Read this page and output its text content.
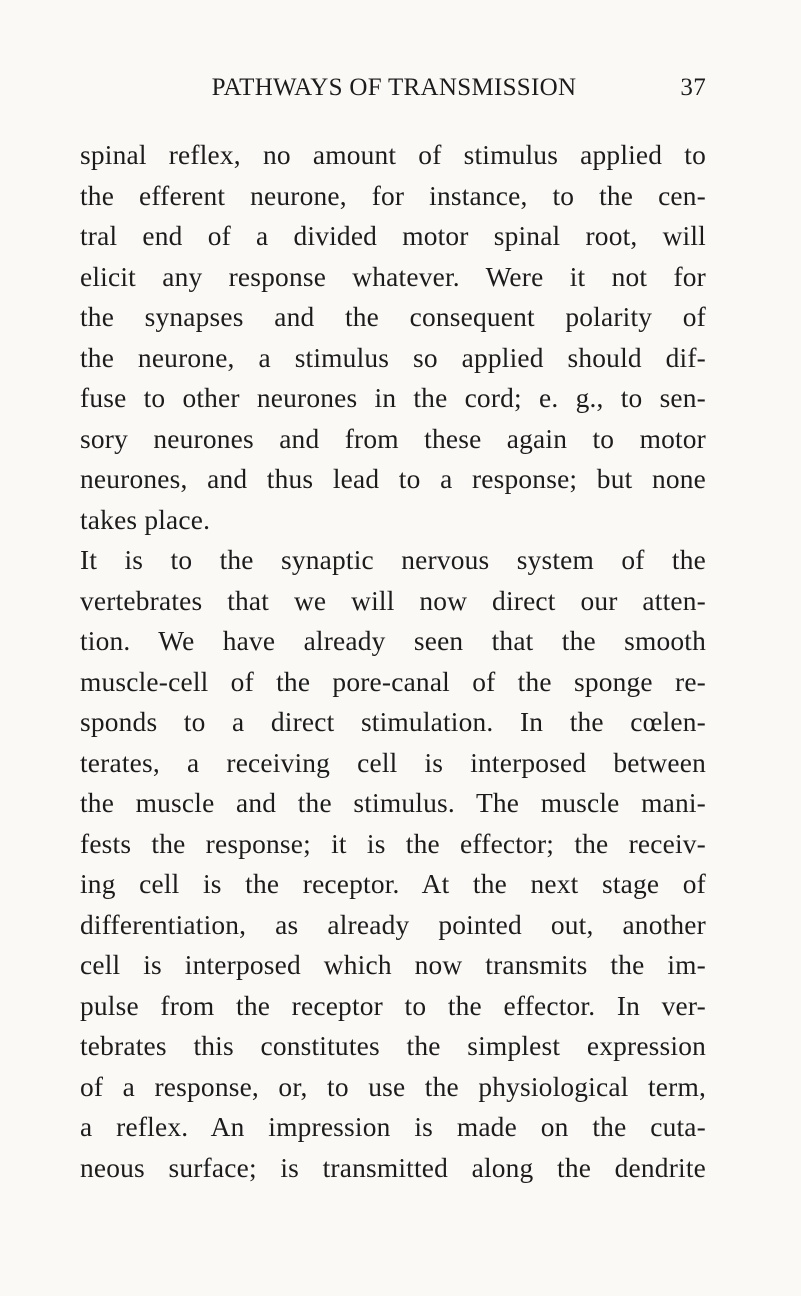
PATHWAYS OF TRANSMISSION	37
spinal reflex, no amount of stimulus applied to
the efferent neurone, for instance, to the cen-
tral end of a divided motor spinal root, will
elicit any response whatever. Were it not for
the synapses and the consequent polarity of
the neurone, a stimulus so applied should dif-
fuse to other neurones in the cord; e. g., to sen-
sory neurones and from these again to motor
neurones, and thus lead to a response; but none
takes place.
It is to the synaptic nervous system of the
vertebrates that we will now direct our atten-
tion. We have already seen that the smooth
muscle-cell of the pore-canal of the sponge re-
sponds to a direct stimulation. In the cœlen-
terates, a receiving cell is interposed between
the muscle and the stimulus. The muscle mani-
fests the response; it is the effector; the receiv-
ing cell is the receptor. At the next stage of
differentiation, as already pointed out, another
cell is interposed which now transmits the im-
pulse from the receptor to the effector. In ver-
tebrates this constitutes the simplest expression
of a response, or, to use the physiological term,
a reflex. An impression is made on the cuta-
neous surface; is transmitted along the dendrite
